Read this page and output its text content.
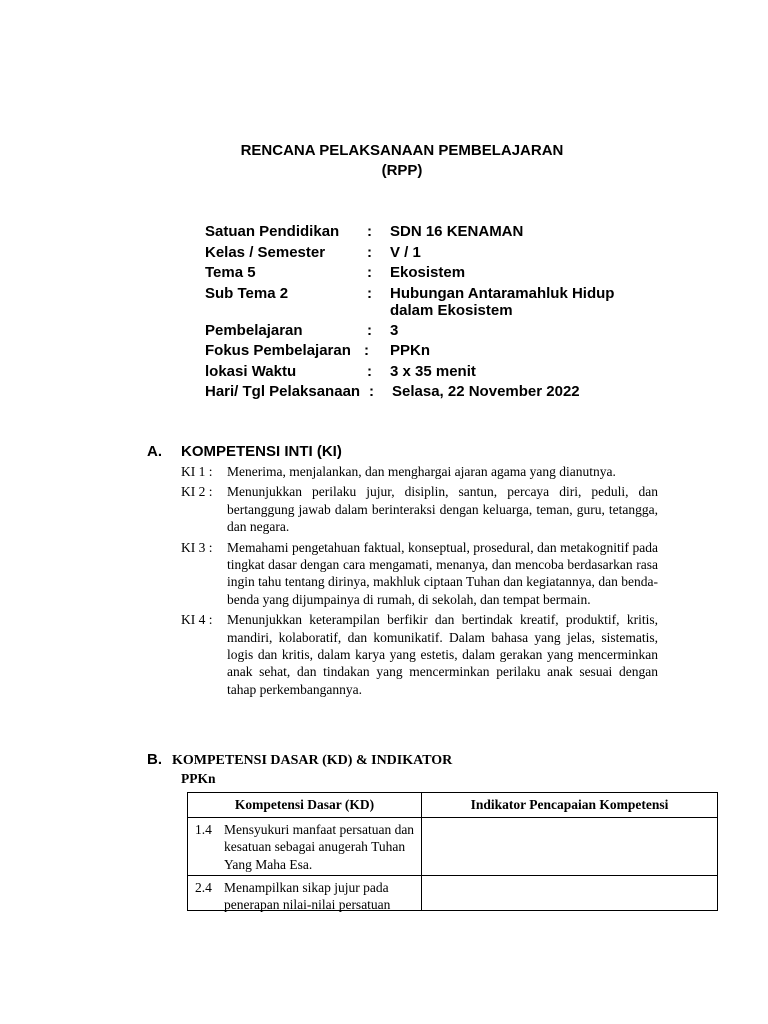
RENCANA PELAKSANAAN PEMBELAJARAN
(RPP)
Satuan Pendidikan : SDN 16 KENAMAN
Kelas / Semester	: V / 1
Tema 5	: Ekosistem
Sub Tema 2	: Hubungan Antaramahluk Hidup dalam Ekosistem
Pembelajaran	: 3
Fokus Pembelajaran : PPKn
lokasi Waktu	: 3 x 35 menit
Hari/ Tgl Pelaksanaan : Selasa, 22 November 2022
A. KOMPETENSI INTI (KI)
KI 1 : Menerima, menjalankan, dan menghargai ajaran agama yang dianutnya.
KI 2 : Menunjukkan perilaku jujur, disiplin, santun, percaya diri, peduli, dan bertanggung jawab dalam berinteraksi dengan keluarga, teman, guru, tetangga, dan negara.
KI 3 : Memahami pengetahuan faktual, konseptual, prosedural, dan metakognitif pada tingkat dasar dengan cara mengamati, menanya, dan mencoba berdasarkan rasa ingin tahu tentang dirinya, makhluk ciptaan Tuhan dan kegiatannya, dan benda-benda yang dijumpainya di rumah, di sekolah, dan tempat bermain.
KI 4 : Menunjukkan keterampilan berfikir dan bertindak kreatif, produktif, kritis, mandiri, kolaboratif, dan komunikatif. Dalam bahasa yang jelas, sistematis, logis dan kritis, dalam karya yang estetis, dalam gerakan yang mencerminkan anak sehat, dan tindakan yang mencerminkan perilaku anak sesuai dengan tahap perkembangannya.
B. KOMPETENSI DASAR (KD) & INDIKATOR
PPKn
Kompetensi Dasar (KD)	Indikator Pencapaian Kompetensi

1.4 Mensyukuri manfaat persatuan dan kesatuan sebagai anugerah Tuhan Yang Maha Esa.	

2.4 Menampilkan sikap jujur pada penerapan nilai-nilai persatuan	
